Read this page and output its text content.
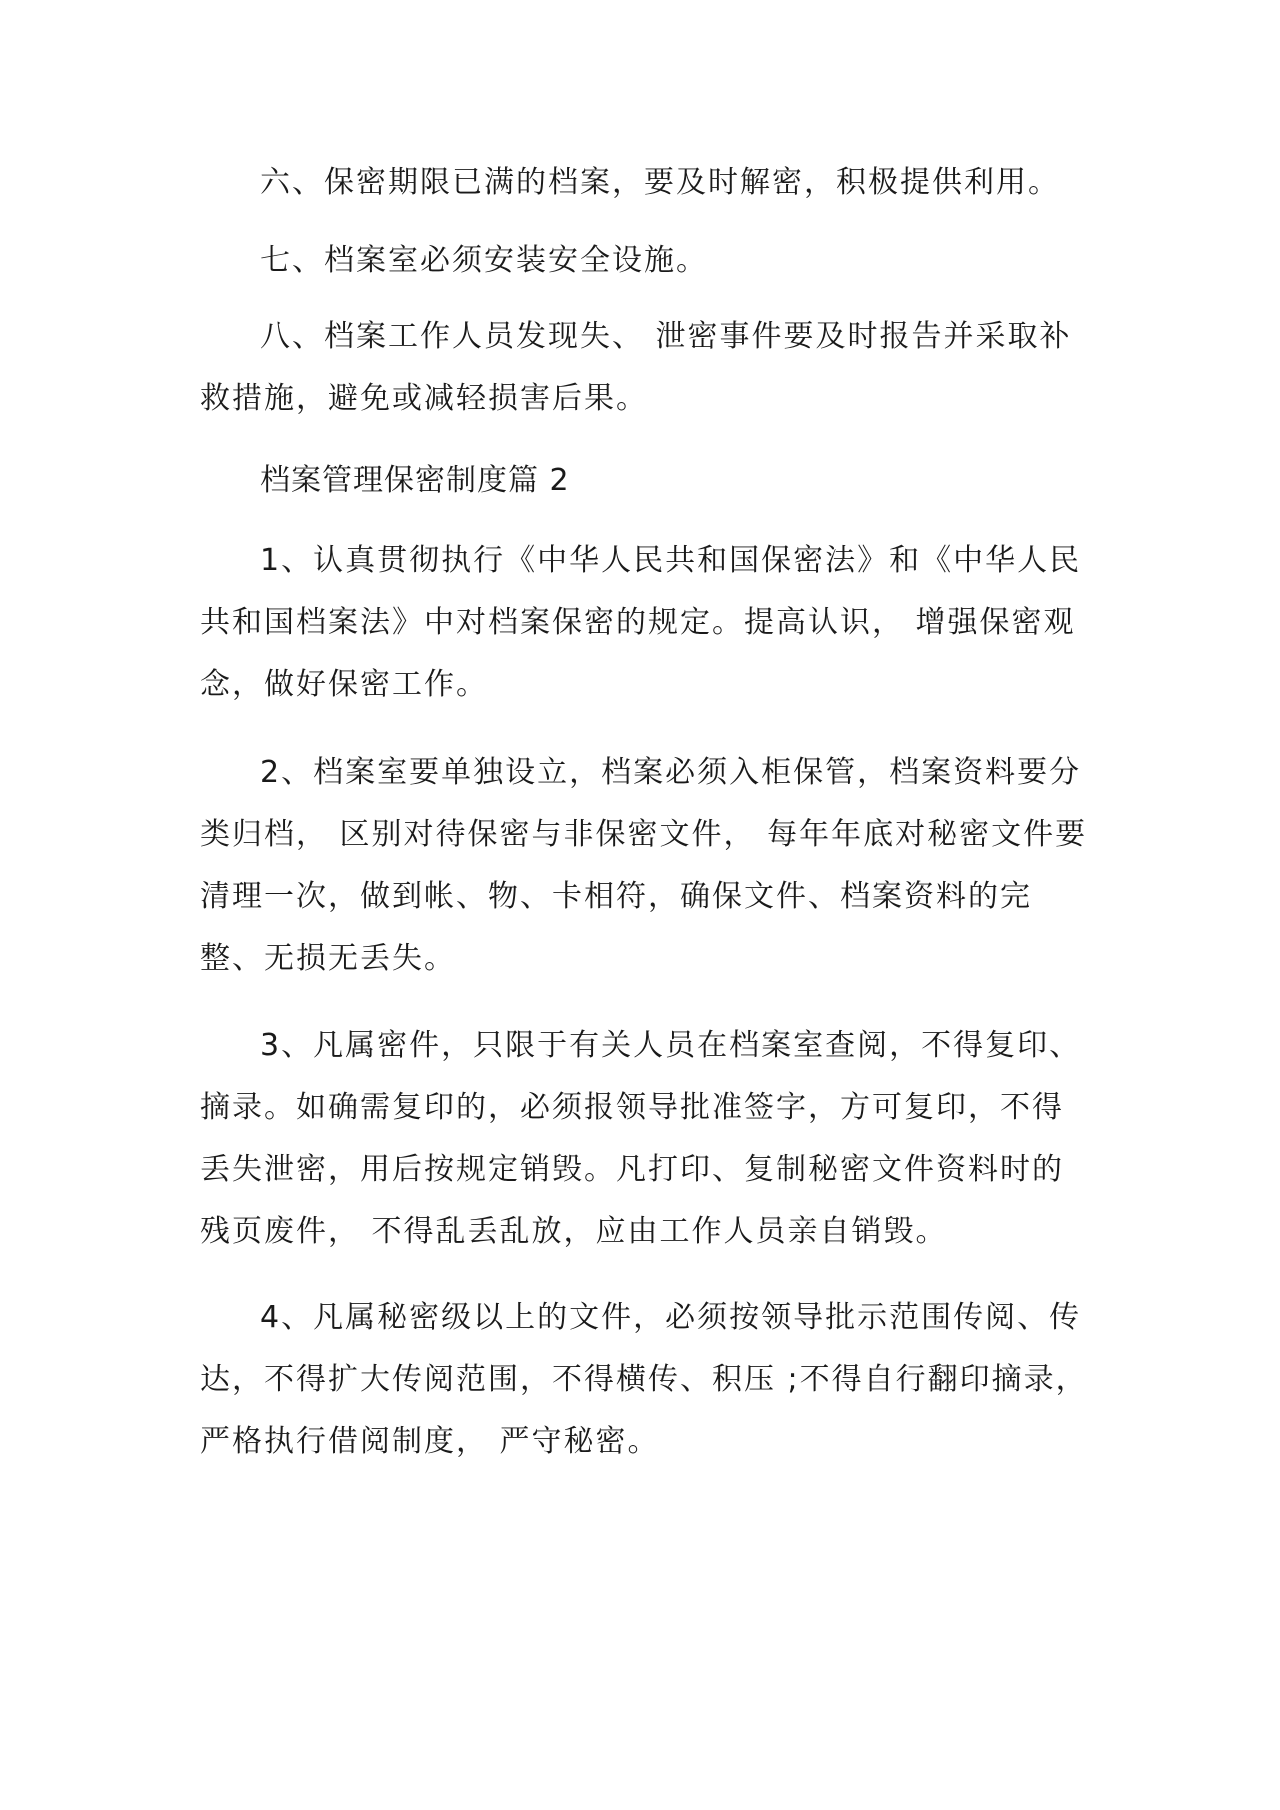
六、保密期限已满的档案，要及时解密，积极提供利用。

七、档案室必须安装安全设施。

八、档案工作人员发现失、 泄密事件要及时报告并采取补救措施，避免或减轻损害后果。

档案管理保密制度篇 2

1、认真贯彻执行《中华人民共和国保密法》和《中华人民共和国档案法》中对档案保密的规定。提高认识， 增强保密观念，做好保密工作。

2、档案室要单独设立，档案必须入柜保管，档案资料要分类归档， 区别对待保密与非保密文件， 每年年底对秘密文件要清理一次，做到帐、物、卡相符，确保文件、档案资料的完整、无损无丢失。

3、凡属密件，只限于有关人员在档案室查阅，不得复印、摘录。如确需复印的，必须报领导批准签字，方可复印，不得丢失泄密，用后按规定销毁。凡打印、复制秘密文件资料时的残页废件， 不得乱丢乱放，应由工作人员亲自销毁。

4、凡属秘密级以上的文件，必须按领导批示范围传阅、传达，不得扩大传阅范围，不得横传、积压 ;不得自行翻印摘录，严格执行借阅制度， 严守秘密。
